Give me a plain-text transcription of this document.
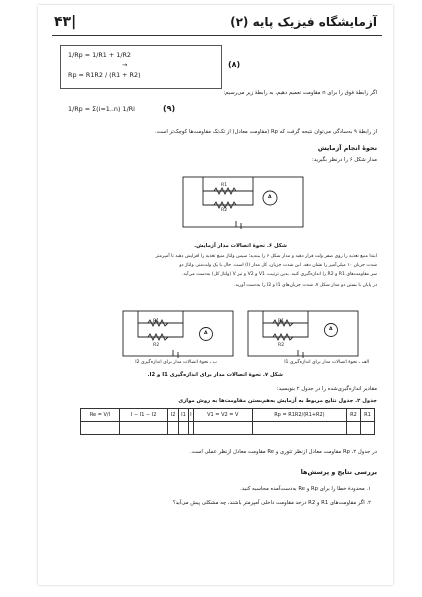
آزمایشگاه فیزیک پایه (۲)
۴۳|
1/Rp = 1/R1 + 1/R2
→
Rp = R1R2 / (R1 + R2)
(۸)
اگر رابطهٔ فوق را برای n مقاومت تعمیم دهیم، به رابطهٔ زیر می‌رسیم:
1/Rp = Σ(i=1..n) 1/Ri	(۹)
از رابطهٔ ۹ به‌سادگی می‌توان نتیجه گرفت که Rp (مقاومت معادل) از تک‌تک مقاومت‌ها کوچک‌تر است.
نحوهٔ انجام آزمایش
مدار شکل ۶ را درنظر بگیرید:
R1
R2
A
شکل ۶. نحوهٔ اتصالات مدار آزمایش.
ابتدا منبع تغذیه را روی صفر ولت قرار دهید و مدار شکل ۶ را ببندید؛ سپس ولتاژ منبع تغذیه را افزایش دهید تا آمپرمتر
شدت جریان ۱۰ میلی‌آمپر را نشان دهد. این شدت جریان، کل مدار (I) است. حال با یک ولت‌متر، ولتاژ دو
سر مقاومت‌های R1 و R2 را اندازه‌گیری کنید. بدین ترتیب، V1 و V2 و نیز V (ولتاژ کل) به‌دست می‌آید.
در پایان با بستن دو مدار شکل ۷، شدت جریان‌های I1 و I2 را به‌دست آورید.
R1
R2
A
R1
R2
A
الف ـ نحوهٔ اتصالات مدار برای اندازه‌گیری I1
ب ـ نحوهٔ اتصالات مدار برای اندازه‌گیری I2
شکل ۷. نحوهٔ اتصالات مدار برای اندازه‌گیری I1 و I2.
مقادیر اندازه‌گیری‌شده را در جدول ۲ بنویسید:
جدول ۲. جدول نتایج مربوط به آزمایش به‌هم‌بستن مقاومت‌ها به روش موازی
Re = V/I	I − I1 − I2	I2	I1	I	V1 = V2 = V	Rp = R1R2/(R1+R2)	R2	R1

در جدول ۲، Rp مقاومت معادل ازنظر تئوری و Re مقاومت معادل ازنظر عملی است.
بررسی نتایج و پرسش‌ها
۱. محدودهٔ خطا را برای Rp و Re به‌دست‌آمده محاسبه کنید.
۲. اگر مقاومت‌های R1 و R2 درحد مقاومت داخلی آمپرمتر باشند، چه مشکلی پیش می‌آید؟
